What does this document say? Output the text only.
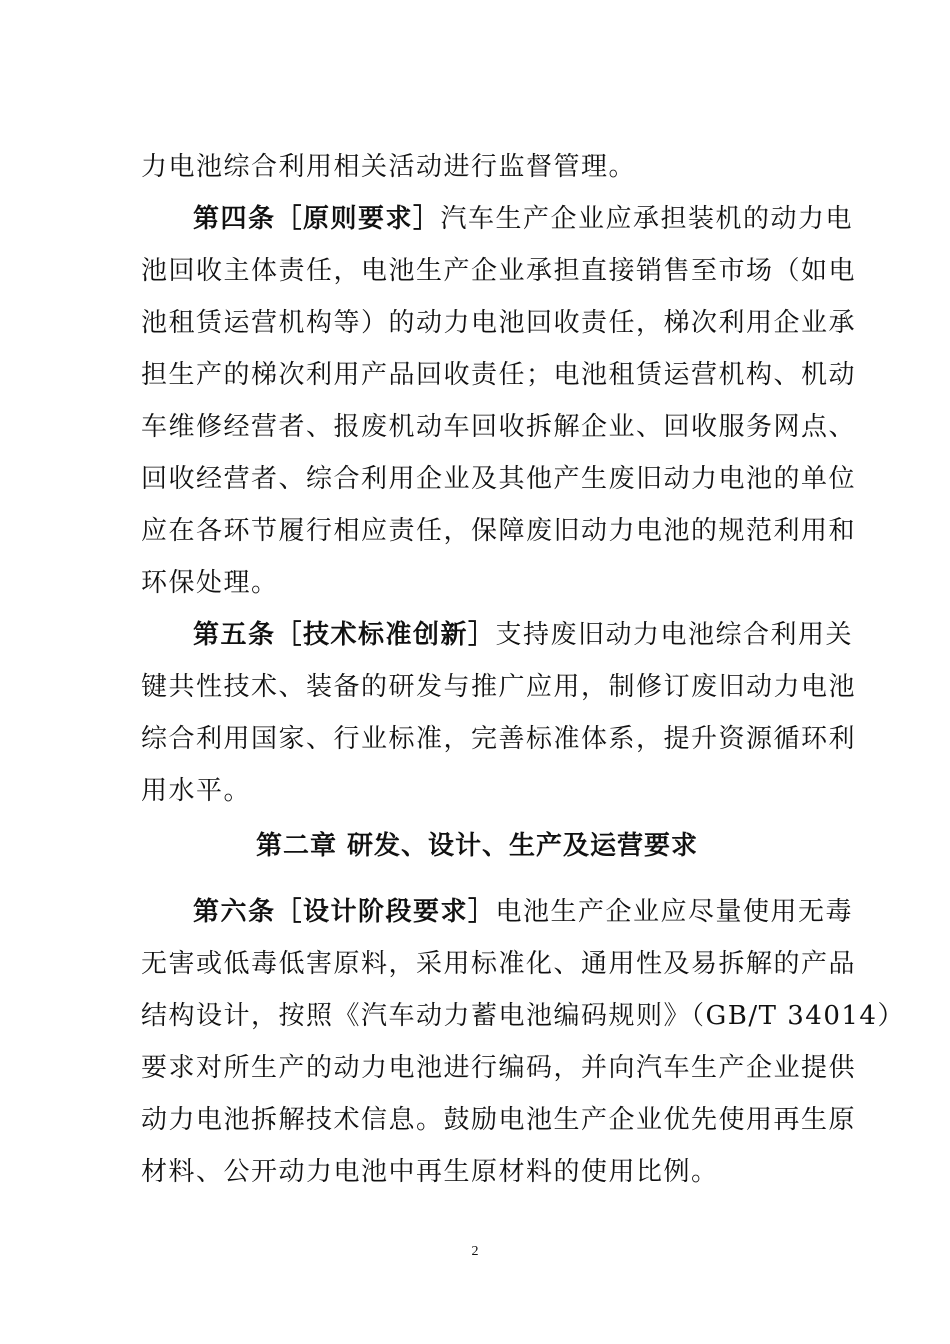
力电池综合利用相关活动进行监督管理。
第四条［原则要求］汽车生产企业应承担装机的动力电
池回收主体责任，电池生产企业承担直接销售至市场（如电
池租赁运营机构等）的动力电池回收责任，梯次利用企业承
担生产的梯次利用产品回收责任；电池租赁运营机构、机动
车维修经营者、报废机动车回收拆解企业、回收服务网点、
回收经营者、综合利用企业及其他产生废旧动力电池的单位
应在各环节履行相应责任，保障废旧动力电池的规范利用和
环保处理。
第五条［技术标准创新］支持废旧动力电池综合利用关
键共性技术、装备的研发与推广应用，制修订废旧动力电池
综合利用国家、行业标准，完善标准体系，提升资源循环利
用水平。
第二章 研发、设计、生产及运营要求
第六条［设计阶段要求］电池生产企业应尽量使用无毒
无害或低毒低害原料，采用标准化、通用性及易拆解的产品
结构设计，按照《汽车动力蓄电池编码规则》（GB/T 34014）
要求对所生产的动力电池进行编码，并向汽车生产企业提供
动力电池拆解技术信息。鼓励电池生产企业优先使用再生原
材料、公开动力电池中再生原材料的使用比例。
2
